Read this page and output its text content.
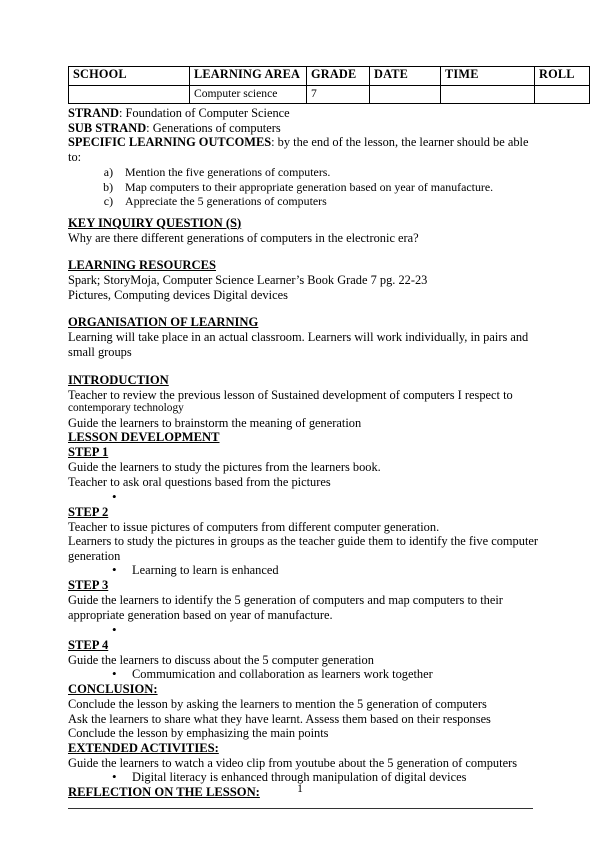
SCHOOL	LEARNING AREA	GRADE	DATE	TIME	ROLL
	Computer science	7			

STRAND: Foundation of Computer Science

SUB STRAND: Generations of computers

SPECIFIC LEARNING OUTCOMES: by the end of the lesson, the learner should be able to:

a. Mention the five generations of computers.
b. Map computers to their appropriate generation based on year of manufacture.
c. Appreciate the 5 generations of computers

KEY INQUIRY QUESTION (S)

Why are there different generations of computers in the electronic era?

LEARNING RESOURCES

Spark; StoryMoja, Computer Science Learner’s Book Grade 7 pg. 22-23

Pictures, Computing devices Digital devices

ORGANISATION OF LEARNING

Learning will take place in an actual classroom. Learners will work individually, in pairs and small groups

INTRODUCTION

Teacher to review the previous lesson of Sustained development of computers I respect to

contemporary technology

Guide the learners to brainstorm the meaning of generation

LESSON DEVELOPMENT

STEP 1

Guide the learners to study the pictures from the learners book.

Teacher to ask oral questions based from the pictures

•

STEP 2

Teacher to issue pictures of computers from different computer generation.

Learners to study the pictures in groups as the teacher guide them to identify the five computer generation

• Learning to learn is enhanced

STEP 3

Guide the learners to identify the 5 generation of computers and map computers to their appropriate generation based on year of manufacture.

•

STEP 4

Guide the learners to discuss about the 5 computer generation

• Commumication and collaboration as learners work together

CONCLUSION:

Conclude the lesson by asking the learners to mention the 5 generation of computers

Ask the learners to share what they have learnt. Assess them based on their responses

Conclude the lesson by emphasizing the main points

EXTENDED ACTIVITIES:

Guide the learners to watch a video clip from youtube about the 5 generation of computers

• Digital literacy is enhanced through manipulation of digital devices

REFLECTION ON THE LESSON:	1
